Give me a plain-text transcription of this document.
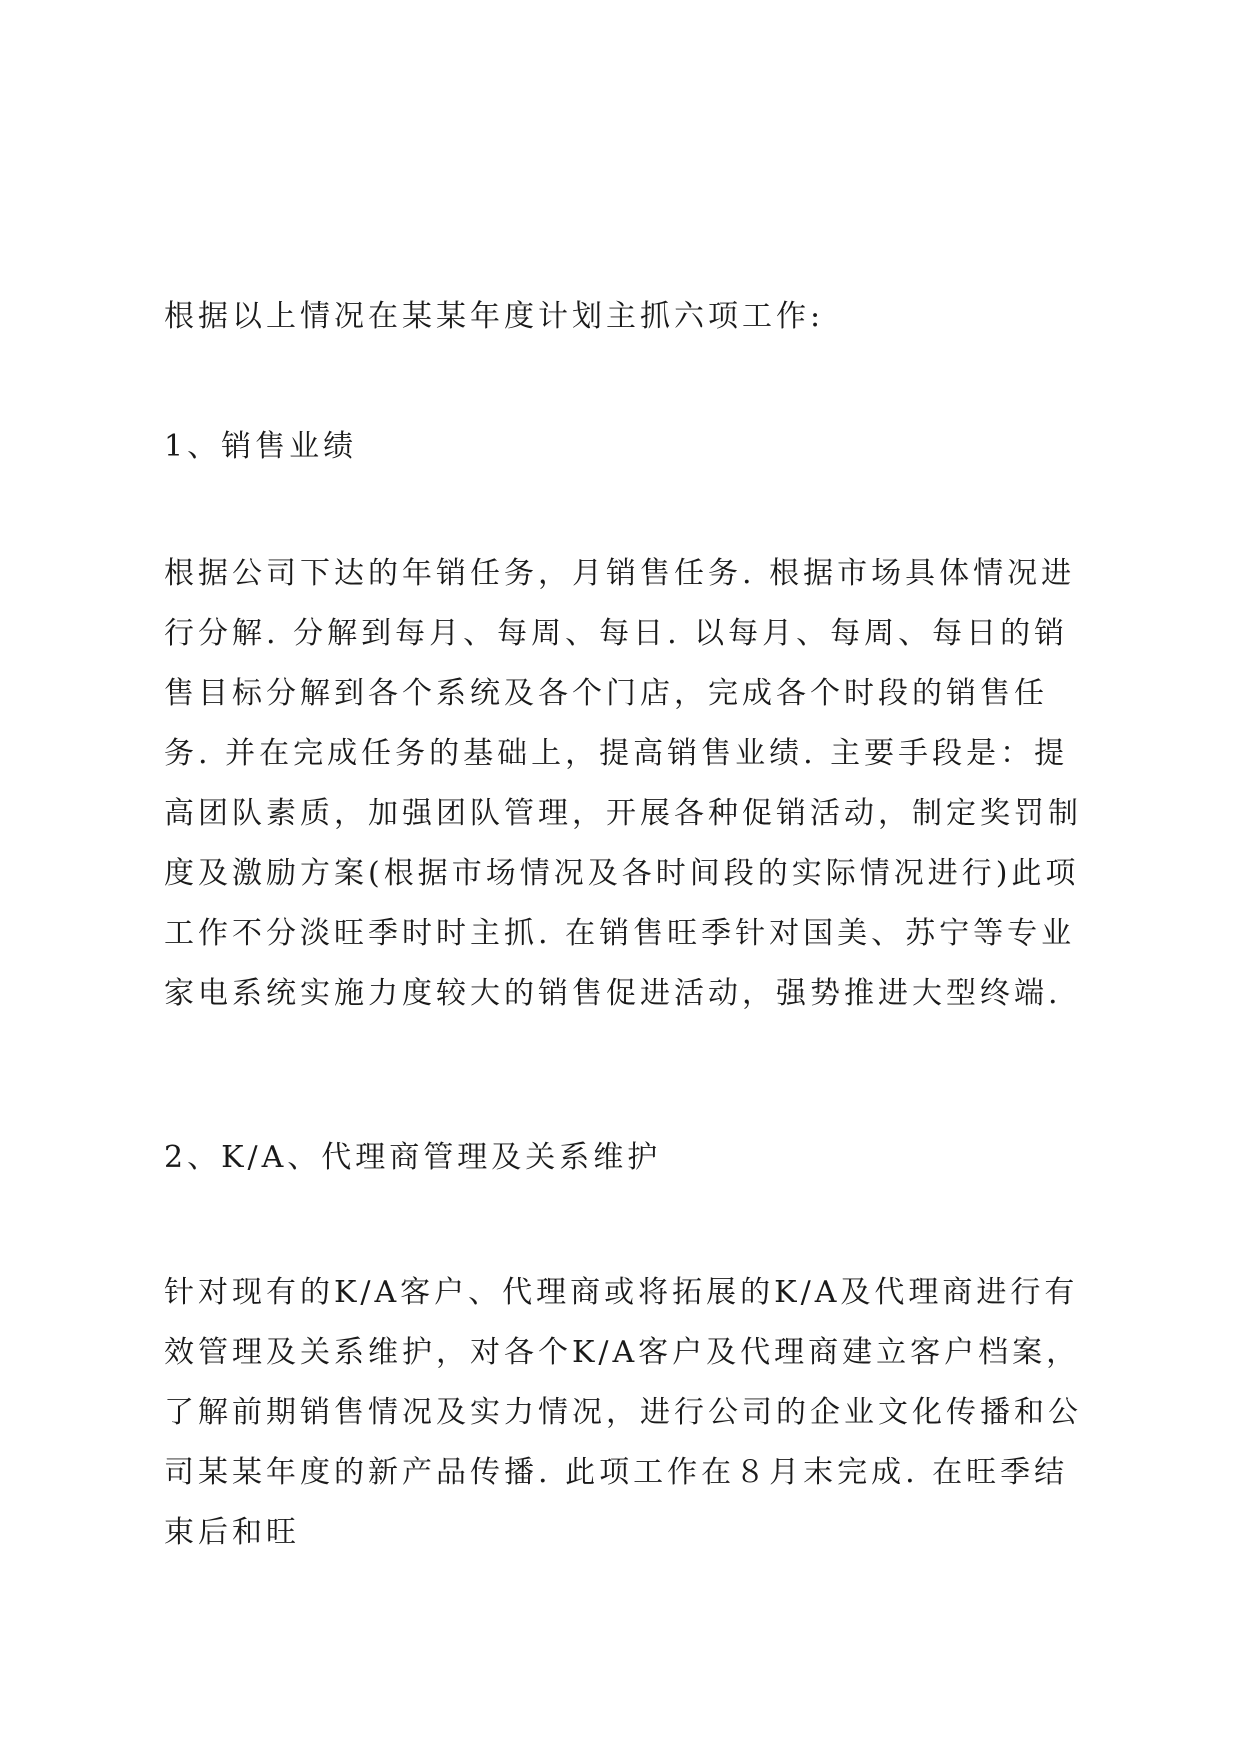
根据以上情况在某某年度计划主抓六项工作:

1、销售业绩

根据公司下达的年销任务，月销售任务. 根据市场具体情况进行分解. 分解到每月、每周、每日. 以每月、每周、每日的销售目标分解到各个系统及各个门店，完成各个时段的销售任务. 并在完成任务的基础上，提高销售业绩. 主要手段是：提高团队素质，加强团队管理，开展各种促销活动，制定奖罚制度及激励方案(根据市场情况及各时间段的实际情况进行)此项工作不分淡旺季时时主抓. 在销售旺季针对国美、苏宁等专业家电系统实施力度较大的销售促进活动，强势推进大型终端.

2、K/A、代理商管理及关系维护

针对现有的K/A客户、代理商或将拓展的K/A及代理商进行有效管理及关系维护，对各个K/A客户及代理商建立客户档案，了解前期销售情况及实力情况，进行公司的企业文化传播和公司某某年度的新产品传播. 此项工作在８月末完成. 在旺季结束后和旺
